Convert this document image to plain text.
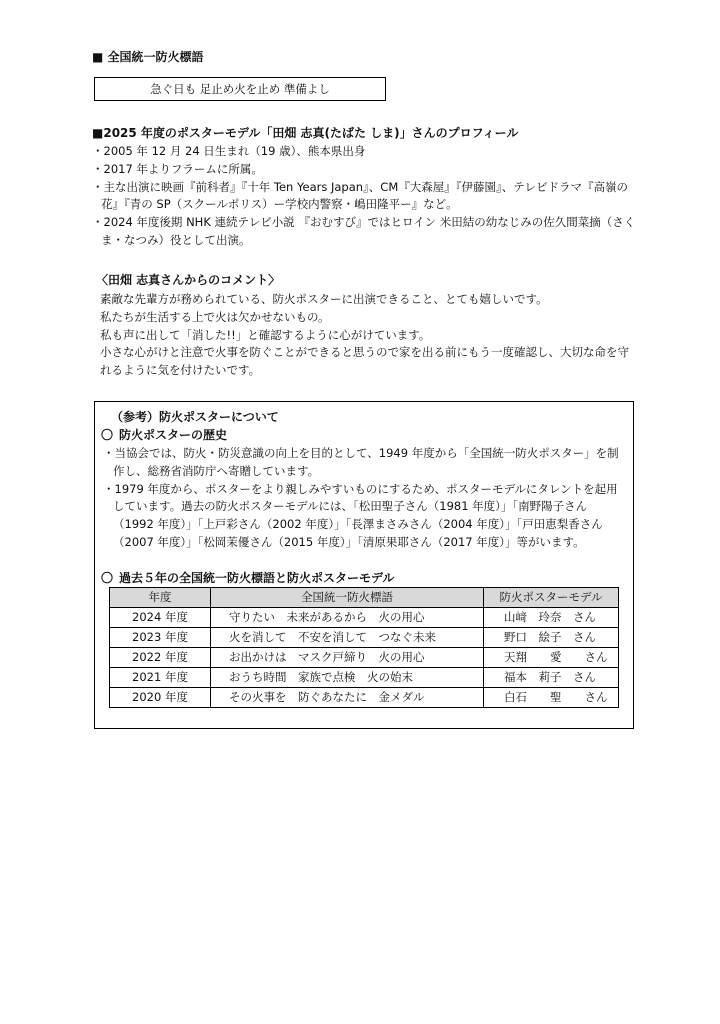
■ 全国統一防火標語
急ぐ日も 足止め火を止め 準備よし
■2025 年度のポスターモデル「田畑 志真(たばた しま)」さんのプロフィール
・2005 年 12 月 24 日生まれ（19 歳）、熊本県出身
・2017 年よりフラームに所属。
・主な出演に映画『前科者』『十年 Ten Years Japan』、CM『大森屋』『伊藤園』、テレビドラマ『高嶺の花』『青の SP（スクールポリス）ー学校内警察・嶋田隆平ー』など。
・2024 年度後期 NHK 連続テレビ小説 『おむすび』ではヒロイン 米田結の幼なじみの佐久間菜摘（さくま・なつみ）役として出演。
〈田畑 志真さんからのコメント〉

素敵な先輩方が務められている、防火ポスターに出演できること、とても嬉しいです。

私たちが生活する上で火は欠かせないもの。

私も声に出して「消した!!」と確認するように心がけています。

小さな心がけと注意で火事を防ぐことができると思うので家を出る前にもう一度確認し、大切な命を守れるように気を付けたいです。

（参考）防火ポスターについて
〇 防火ポスターの歴史
・当協会では、防火・防災意識の向上を目的として、1949 年度から「全国統一防火ポスター」を制作し、総務省消防庁へ寄贈しています。
・1979 年度から、ポスターをより親しみやすいものにするため、ポスターモデルにタレントを起用しています。過去の防火ポスターモデルには、「松田聖子さん（1981 年度）」「南野陽子さん（1992 年度）」「上戸彩さん（2002 年度）」「長澤まさみさん（2004 年度）」「戸田恵梨香さん（2007 年度）」「松岡茉優さん（2015 年度）」「清原果耶さん（2017 年度）」等がいます。
〇 過去５年の全国統一防火標語と防火ポスターモデル
年度	全国統一防火標語	防火ポスターモデル
2024 年度	守りたい　未来があるから　火の用心	山﨑　玲奈　さん
2023 年度	火を消して　不安を消して　つなぐ未来	野口　絵子　さん
2022 年度	お出かけは　マスク戸締り　火の用心	天翔　　愛　　さん
2021 年度	おうち時間　家族で点検　火の始末	福本　莉子　さん
2020 年度	その火事を　防ぐあなたに　金メダル	白石　　聖　　さん
